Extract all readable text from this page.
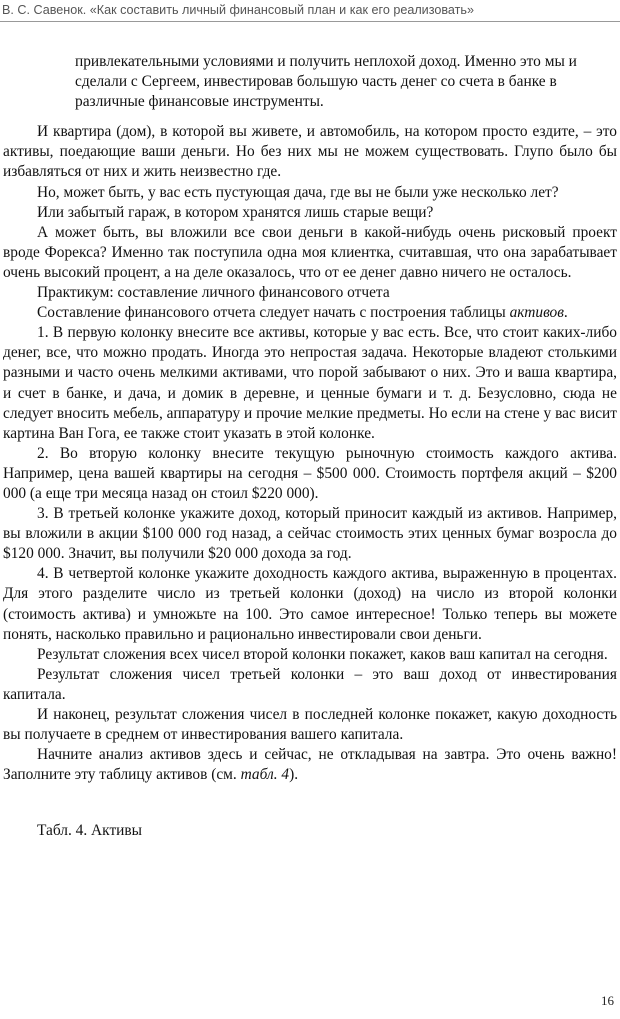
В. С. Савенок. «Как составить личный финансовый план и как его реализовать»

привлекательными условиями и получить неплохой доход. Именно это мы и сделали с Сергеем, инвестировав большую часть денег со счета в банке в различные финансовые инструменты.

И квартира (дом), в которой вы живете, и автомобиль, на котором просто ездите, – это активы, поедающие ваши деньги. Но без них мы не можем существовать. Глупо было бы избавляться от них и жить неизвестно где.

Но, может быть, у вас есть пустующая дача, где вы не были уже несколько лет?

Или забытый гараж, в котором хранятся лишь старые вещи?

А может быть, вы вложили все свои деньги в какой-нибудь очень рисковый проект вроде Форекса? Именно так поступила одна моя клиентка, считавшая, что она зарабатывает очень высокий процент, а на деле оказалось, что от ее денег давно ничего не осталось.

Практикум: составление личного финансового отчета

Составление финансового отчета следует начать с построения таблицы активов.

1. В первую колонку внесите все активы, которые у вас есть. Все, что стоит каких-либо денег, все, что можно продать. Иногда это непростая задача. Некоторые владеют столькими разными и часто очень мелкими активами, что порой забывают о них. Это и ваша квартира, и счет в банке, и дача, и домик в деревне, и ценные бумаги и т. д. Безусловно, сюда не следует вносить мебель, аппаратуру и прочие мелкие предметы. Но если на стене у вас висит картина Ван Гога, ее также стоит указать в этой колонке.

2. Во вторую колонку внесите текущую рыночную стоимость каждого актива. Например, цена вашей квартиры на сегодня – $500 000. Стоимость портфеля акций – $200 000 (а еще три месяца назад он стоил $220 000).

3. В третьей колонке укажите доход, который приносит каждый из активов. Например, вы вложили в акции $100 000 год назад, а сейчас стоимость этих ценных бумаг возросла до $120 000. Значит, вы получили $20 000 дохода за год.

4. В четвертой колонке укажите доходность каждого актива, выраженную в процентах. Для этого разделите число из третьей колонки (доход) на число из второй колонки (стоимость актива) и умножьте на 100. Это самое интересное! Только теперь вы можете понять, насколько правильно и рационально инвестировали свои деньги.

Результат сложения всех чисел второй колонки покажет, каков ваш капитал на сегодня.

Результат сложения чисел третьей колонки – это ваш доход от инвестирования капитала.

И наконец, результат сложения чисел в последней колонке покажет, какую доходность вы получаете в среднем от инвестирования вашего капитала.

Начните анализ активов здесь и сейчас, не откладывая на завтра. Это очень важно! Заполните эту таблицу активов (см. табл. 4).

Табл. 4. Активы

16
